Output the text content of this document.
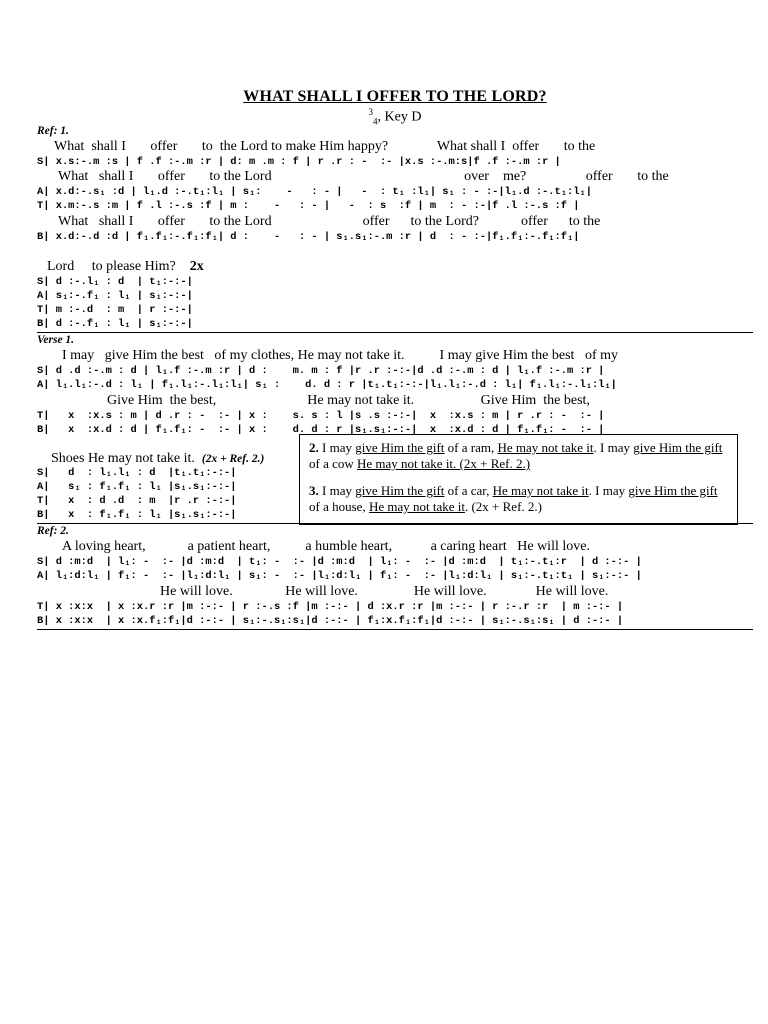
WHAT SHALL I OFFER TO THE LORD?
$^3_4$, Key D
Ref: 1.
What  shall I       offer       to  the Lord to make Him happy?              What shall I  offer       to the
S| x.s:-.m :s | f .f :-.m :r | d: m .m : f | r .r : -  :- |x.s :-.m:s|f .f :-.m :r |
What   shall I       offer       to the Lord                                                       over    me?                 offer       to the
A| x.d:-.s₁ :d | l₁.d :-.t₁:l₁ | s₁:    -   : - |   -  : t₁ :l₁| s₁ : - :-|l₁.d :-.t₁:l₁|
T| x.m:-.s :m | f .l :-.s :f | m :    -   : - |   -  : s  :f | m  : - :-|f .l :-.s :f |
What   shall I       offer       to the Lord                          offer      to the Lord?            offer      to the
B| x.d:-.d :d | f₁.f₁:-.f₁:f₁| d :    -   : - | s₁.s₁:-.m :r | d  : - :-|f₁.f₁:-.f₁:f₁|
Lord     to please Him? 2x
S| d :-.l₁ : d  | t₁:-:-|
A| s₁:-.f₁ : l₁ | s₁:-:-|
T| m :-.d  : m  | r :-:-|
B| d :-.f₁ : l₁ | s₁:-:-|
Verse 1.
I may   give Him the best   of my clothes, He may not take it.          I may give Him the best   of my
S| d .d :-.m : d | l₁.f :-.m :r | d :    m. m : f |r .r :-:-|d .d :-.m : d | l₁.f :-.m :r |
A| l₁.l₁:-.d : l₁ | f₁.l₁:-.l₁:l₁| s₁ :    d. d : r |t₁.t₁:-:-|l₁.l₁:-.d : l₁| f₁.l₁:-.l₁:l₁|
Give Him  the best,                          He may not take it.                   Give Him  the best,
T|   x  :x.s : m | d .r : -  :- | x :    s. s : l |s .s :-:-|  x  :x.s : m | r .r : -  :- |
B|   x  :x.d : d | f₁.f₁: -  :- | x :    d. d : r |s₁.s₁:-:-|  x  :x.d : d | f₁.f₁: -  :- |
Shoes He may not take it. (2x + Ref. 2.)
S|   d  : l₁.l₁ : d  |t₁.t₁:-:-|
A|   s₁ : f₁.f₁ : l₁ |s₁.s₁:-:-|
T|   x  : d .d  : m  |r .r :-:-|
B|   x  : f₁.f₁ : l₁ |s₁.s₁:-:-|

2. I may give Him the gift of a ram, He may not take it. I may give Him the gift of a cow He may not take it. (2x + Ref. 2.)

3. I may give Him the gift of a car, He may not take it. I may give Him the gift of a house, He may not take it. (2x + Ref. 2.)

Ref: 2.
A loving heart,            a patient heart,          a humble heart,           a caring heart   He will love.
S| d :m:d  | l₁: -  :- |d :m:d  | t₁: -  :- |d :m:d  | l₁: -  :- |d :m:d  | t₁:-.t₁:r  | d :-:- |
A| l₁:d:l₁ | f₁: -  :- |l₁:d:l₁ | s₁: -  :- |l₁:d:l₁ | f₁: -  :- |l₁:d:l₁ | s₁:-.t₁:t₁ | s₁:-:- |
He will love.               He will love.                He will love.              He will love.
T| x :x:x  | x :x.r :r |m :-:- | r :-.s :f |m :-:- | d :x.r :r |m :-:- | r :-.r :r  | m :-:- |
B| x :x:x  | x :x.f₁:f₁|d :-:- | s₁:-.s₁:s₁|d :-:- | f₁:x.f₁:f₁|d :-:- | s₁:-.s₁:s₁ | d :-:- |
